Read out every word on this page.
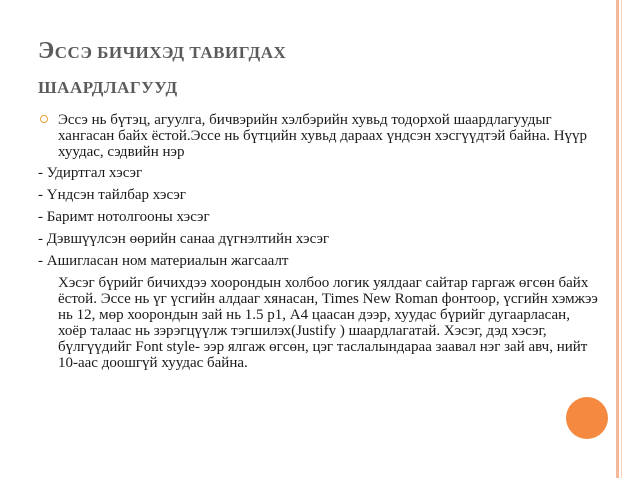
ЭССЭ БИЧИХЭД ТАВИГДАХ
ШААРДЛАГУУД
Эссэ нь бүтэц, агуулга, бичвэрийн хэлбэрийн хувьд тодорхой шаардлагуудыг хангасан байх ёстой.Эссе нь бүтцийн хувьд дараах үндсэн хэсгүүдтэй байна. Нүүр хуудас, сэдвийн нэр
- Удиртгал хэсэг
- Үндсэн тайлбар хэсэг
- Баримт нотолгооны хэсэг
- Дэвшүүлсэн өөрийн санаа дүгнэлтийн хэсэг
- Ашигласан ном материалын жагсаалт
Хэсэг бүрийг бичихдээ хоорондын холбоо логик уялдааг сайтар гаргаж өгсөн байх ёстой. Эссе нь үг үсгийн алдааг хянасан, Times New Roman фонтоор, үсгийн хэмжээ нь 12, мөр хоорондын зай нь 1.5 р1, А4 цаасан дээр, хуудас бүрийг дугаарласан, хоёр талаас нь зэрэгцүүлж тэгшилэх(Justify ) шаардлагатай. Хэсэг, дэд хэсэг, бүлгүүдийг Font style- ээр ялгаж өгсөн, цэг таслалындараа заавал нэг зай авч, нийт 10-аас доошгүй хуудас байна.
